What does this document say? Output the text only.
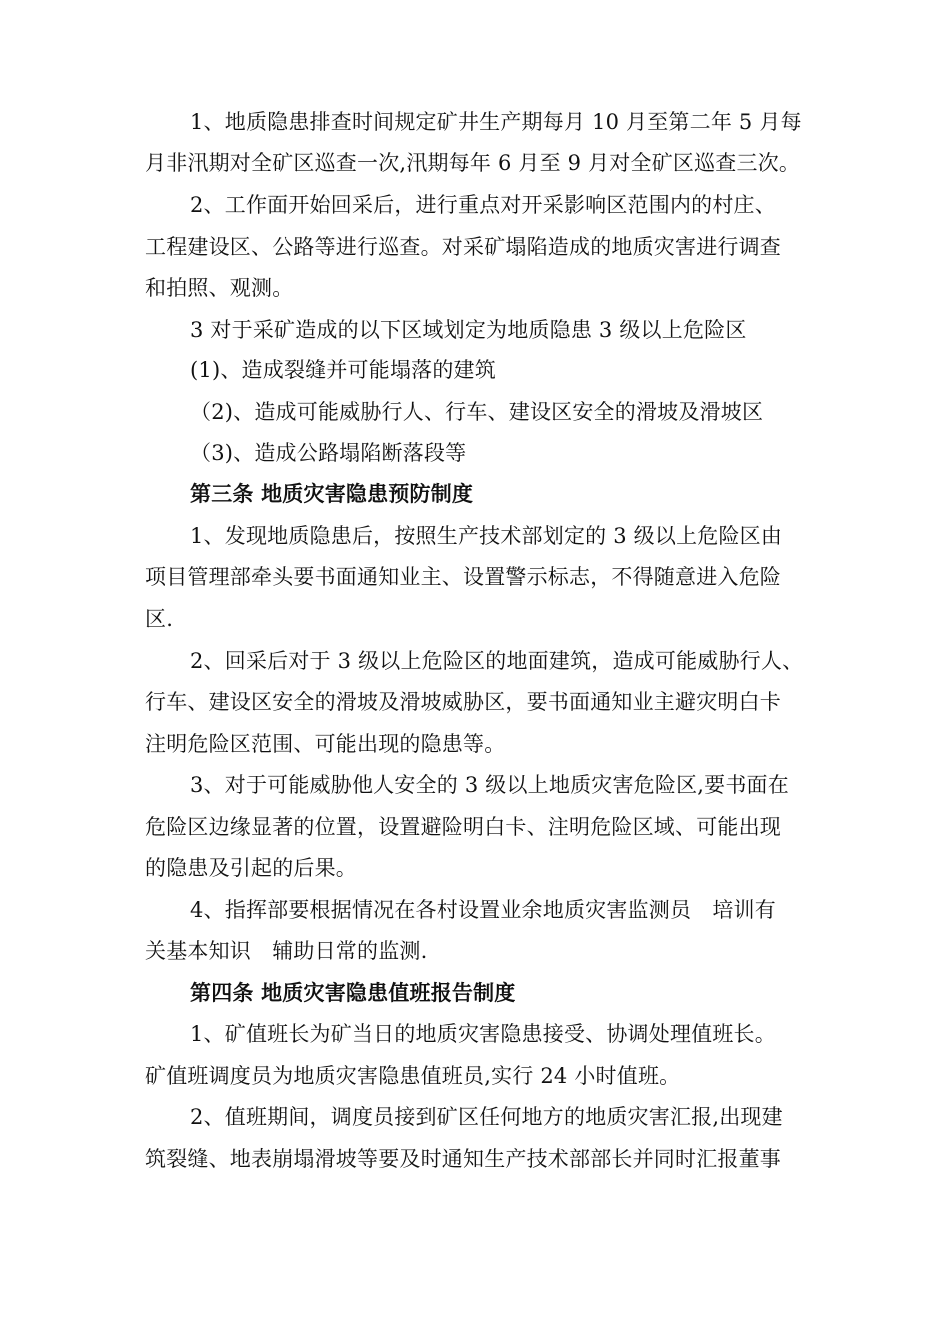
1、地质隐患排查时间规定矿井生产期每月 10 月至第二年 5 月每
月非汛期对全矿区巡查一次,汛期每年 6 月至 9 月对全矿区巡查三次。
2、工作面开始回采后，进行重点对开采影响区范围内的村庄、
工程建设区、公路等进行巡查。对采矿塌陷造成的地质灾害进行调查
和拍照、观测。
3 对于采矿造成的以下区域划定为地质隐患 3 级以上危险区
(1)、造成裂缝并可能塌落的建筑
（2)、造成可能威胁行人、行车、建设区安全的滑坡及滑坡区
（3)、造成公路塌陷断落段等
第三条 地质灾害隐患预防制度
1、发现地质隐患后，按照生产技术部划定的 3 级以上危险区由
项目管理部牵头要书面通知业主、设置警示标志，不得随意进入危险
区.
2、回采后对于 3 级以上危险区的地面建筑，造成可能威胁行人、
行车、建设区安全的滑坡及滑坡威胁区，要书面通知业主避灾明白卡
注明危险区范围、可能出现的隐患等。
3、对于可能威胁他人安全的 3 级以上地质灾害危险区,要书面在
危险区边缘显著的位置，设置避险明白卡、注明危险区域、可能出现
的隐患及引起的后果。
4、指挥部要根据情况在各村设置业余地质灾害监测员　培训有
关基本知识　辅助日常的监测.
第四条 地质灾害隐患值班报告制度
1、矿值班长为矿当日的地质灾害隐患接受、协调处理值班长。
矿值班调度员为地质灾害隐患值班员,实行 24 小时值班。
2、值班期间，调度员接到矿区任何地方的地质灾害汇报,出现建
筑裂缝、地表崩塌滑坡等要及时通知生产技术部部长并同时汇报董事
